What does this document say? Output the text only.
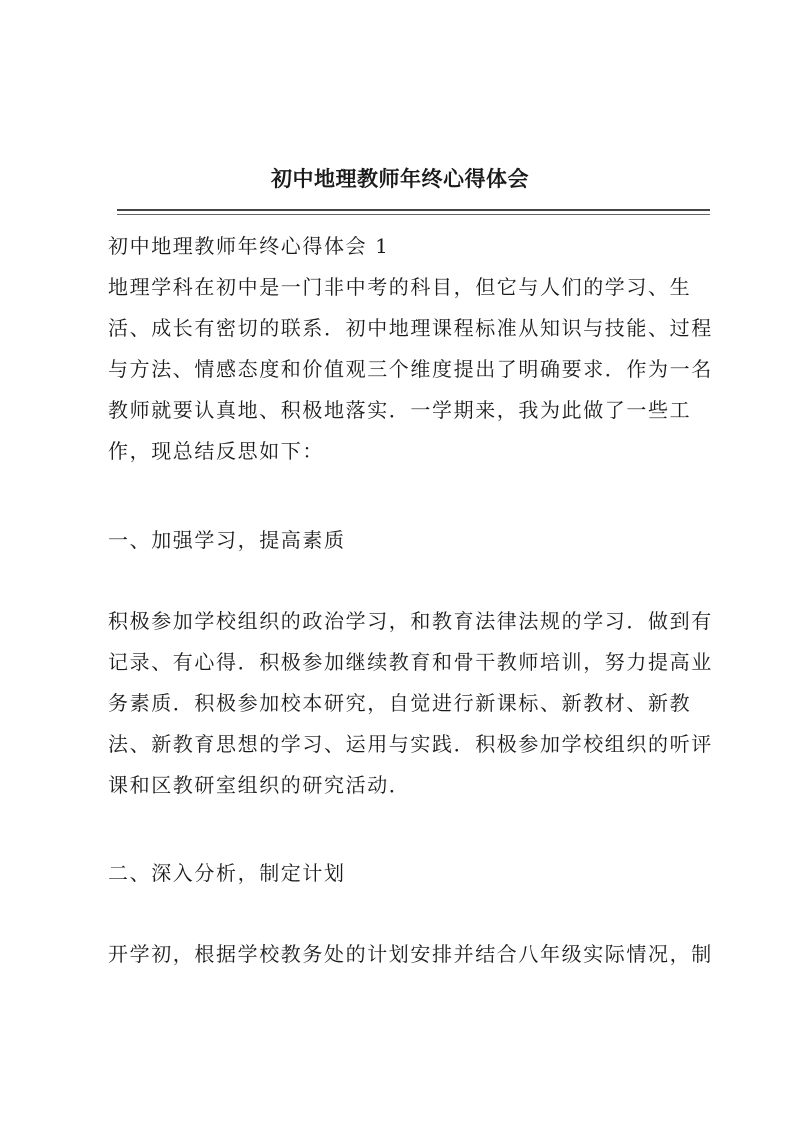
初中地理教师年终心得体会
初中地理教师年终心得体会 1
地理学科在初中是一门非中考的科目，但它与人们的学习、生
活、成长有密切的联系．初中地理课程标准从知识与技能、过程
与方法、情感态度和价值观三个维度提出了明确要求．作为一名
教师就要认真地、积极地落实．一学期来，我为此做了一些工
作，现总结反思如下：
一、加强学习，提高素质
积极参加学校组织的政治学习，和教育法律法规的学习．做到有
记录、有心得．积极参加继续教育和骨干教师培训，努力提高业
务素质．积极参加校本研究，自觉进行新课标、新教材、新教
法、新教育思想的学习、运用与实践．积极参加学校组织的听评
课和区教研室组织的研究活动．
二、深入分析，制定计划
开学初，根据学校教务处的计划安排并结合八年级实际情况，制
